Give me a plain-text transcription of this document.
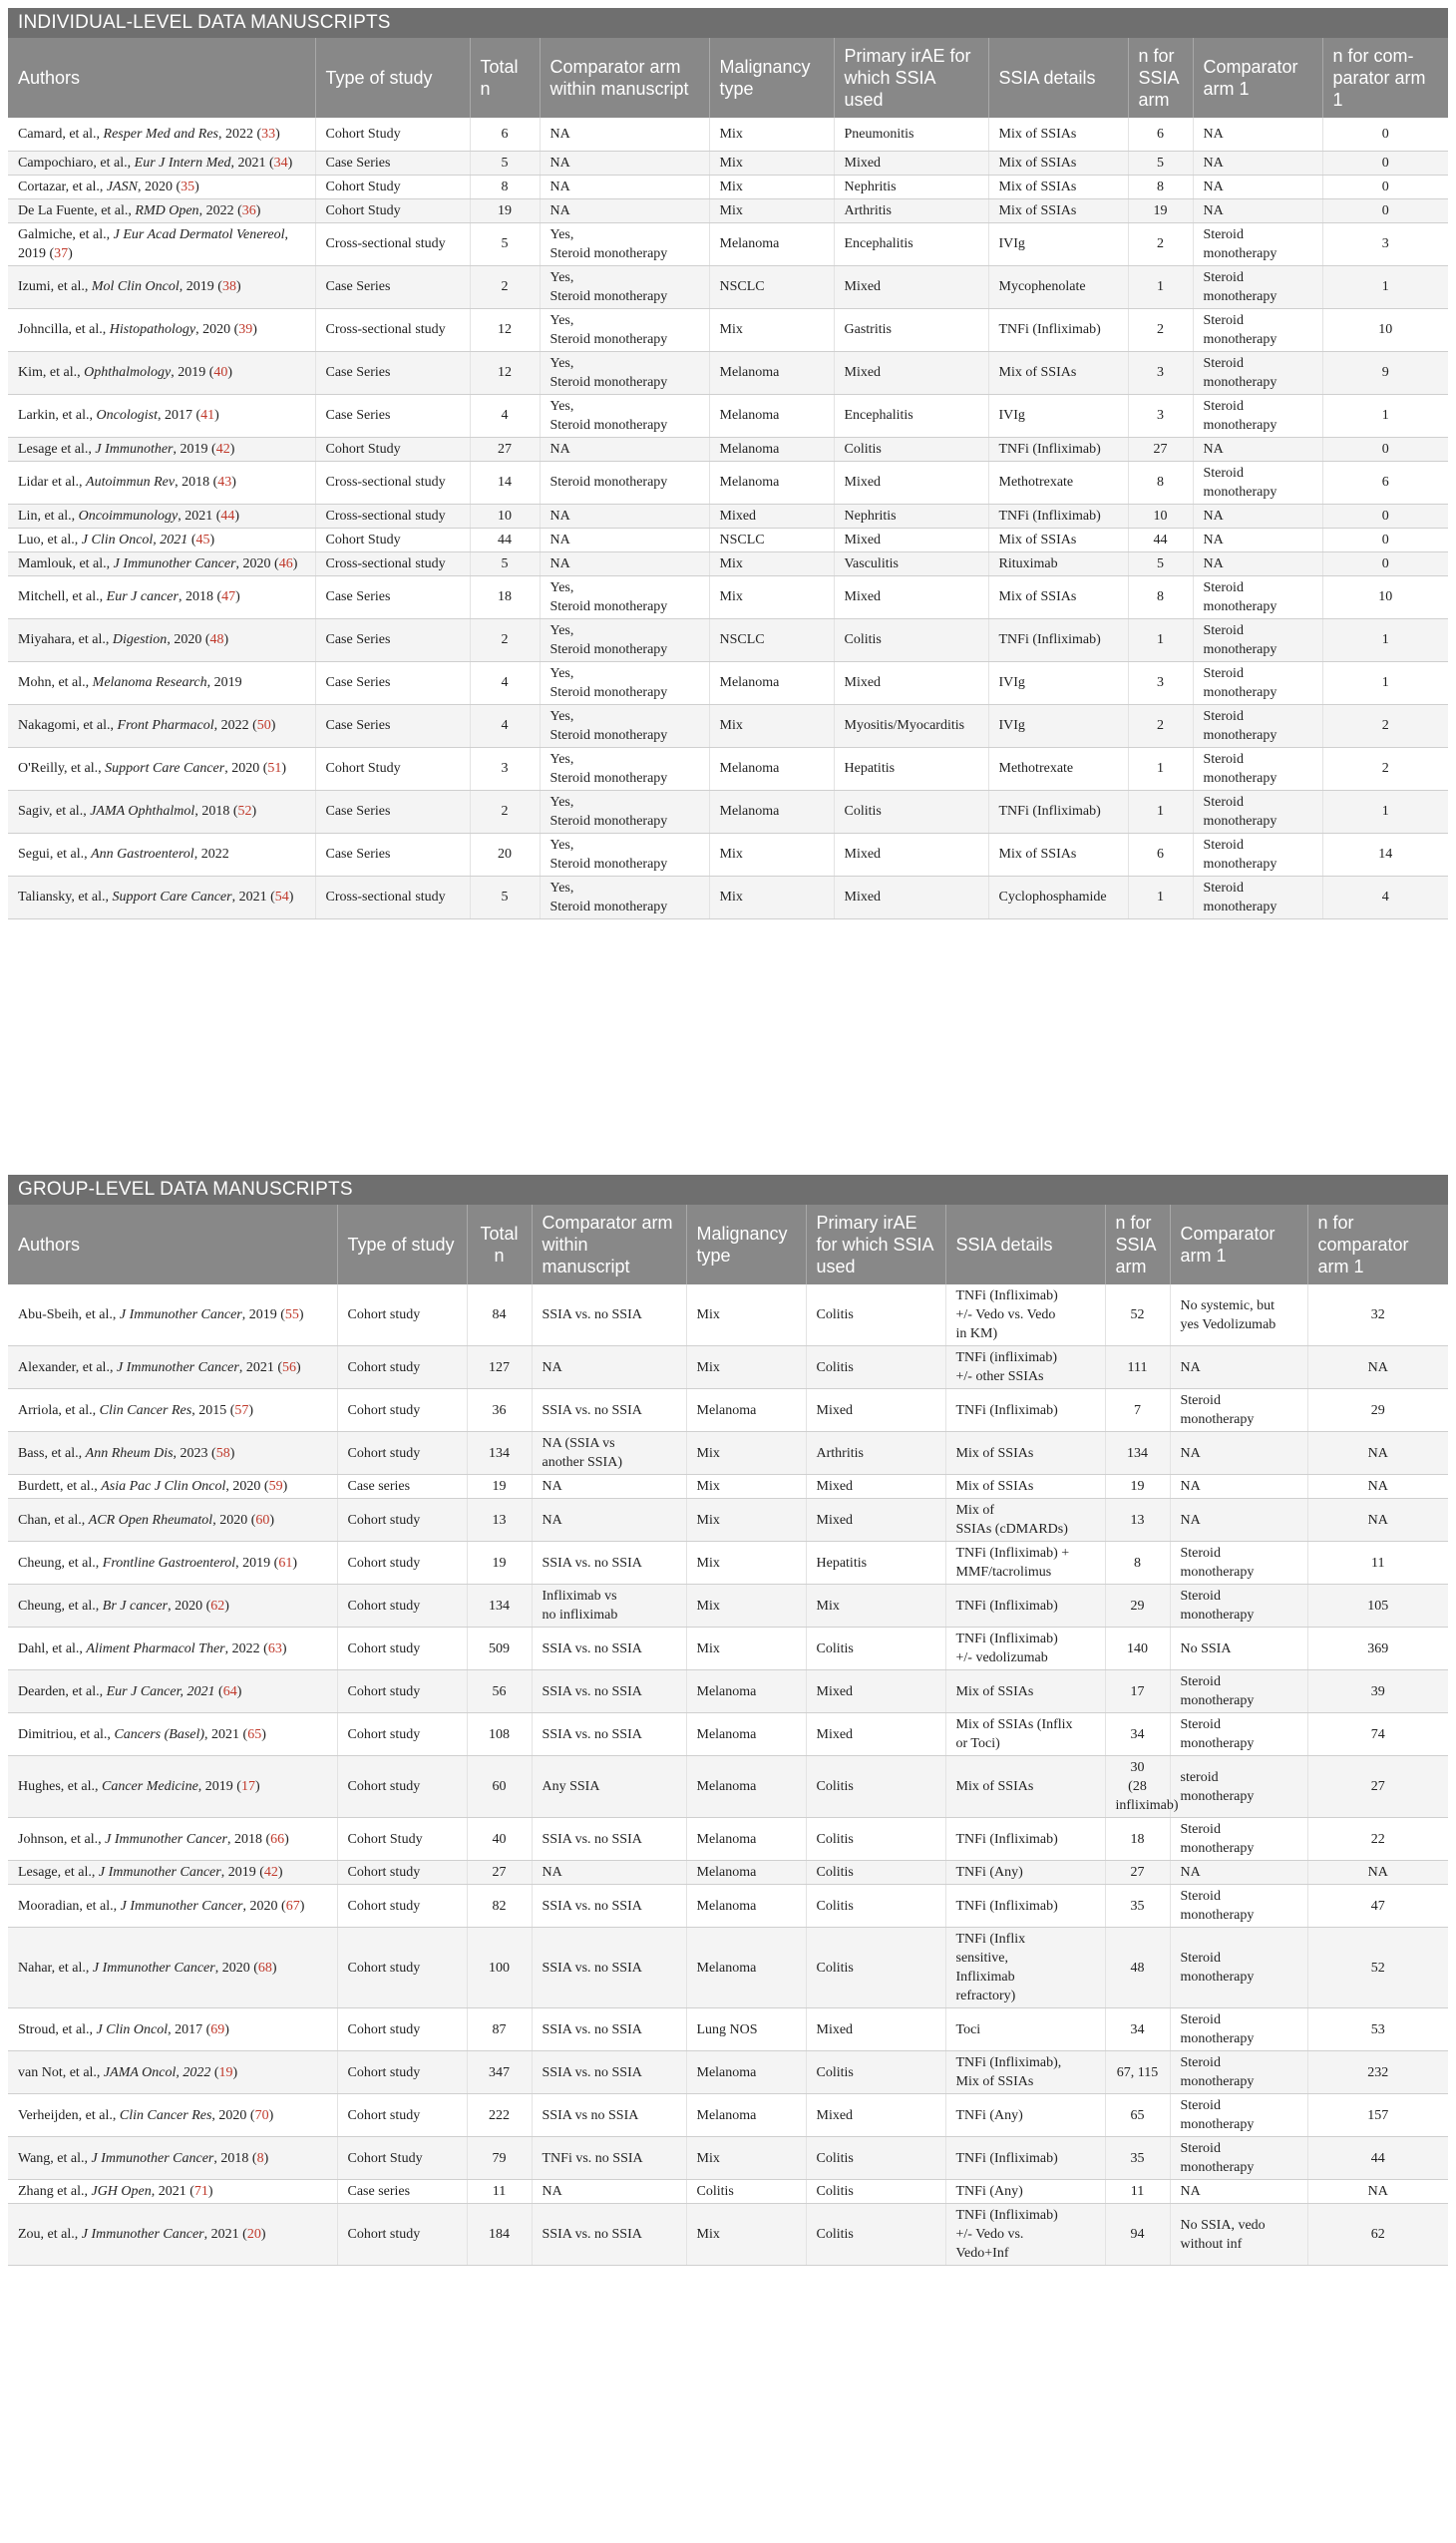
INDIVIDUAL-LEVEL DATA MANUSCRIPTS									
Authors	Type of study	Total n	Comparator arm within manuscript	Malignancy type	Primary irAE for which SSIA used	SSIA details	n for SSIA arm	Comparator arm 1	n for com-parator arm 1
Camard, et al., Resper Med and Res, 2022 (33)	Cohort Study	6	NA	Mix	Pneumonitis	Mix of SSIAs	6	NA	0
Campochiaro, et al., Eur J Intern Med, 2021 (34)	Case Series	5	NA	Mix	Mixed	Mix of SSIAs	5	NA	0
Cortazar, et al., JASN, 2020 (35)	Cohort Study	8	NA	Mix	Nephritis	Mix of SSIAs	8	NA	0
De La Fuente, et al., RMD Open, 2022 (36)	Cohort Study	19	NA	Mix	Arthritis	Mix of SSIAs	19	NA	0
Galmiche, et al., J Eur Acad Dermatol Venereol, 2019 (37)	Cross-sectional study	5	Yes,
Steroid monotherapy	Melanoma	Encephalitis	IVIg	2	Steroid
monotherapy	3
Izumi, et al., Mol Clin Oncol, 2019 (38)	Case Series	2	Yes,
Steroid monotherapy	NSCLC	Mixed	Mycophenolate	1	Steroid
monotherapy	1
Johncilla, et al., Histopathology, 2020 (39)	Cross-sectional study	12	Yes,
Steroid monotherapy	Mix	Gastritis	TNFi (Infliximab)	2	Steroid
monotherapy	10
Kim, et al., Ophthalmology, 2019 (40)	Case Series	12	Yes,
Steroid monotherapy	Melanoma	Mixed	Mix of SSIAs	3	Steroid
monotherapy	9
Larkin, et al., Oncologist, 2017 (41)	Case Series	4	Yes,
Steroid monotherapy	Melanoma	Encephalitis	IVIg	3	Steroid
monotherapy	1
Lesage et al., J Immunother, 2019 (42)	Cohort Study	27	NA	Melanoma	Colitis	TNFi (Infliximab)	27	NA	0
Lidar et al., Autoimmun Rev, 2018 (43)	Cross-sectional study	14	Steroid monotherapy	Melanoma	Mixed	Methotrexate	8	Steroid
monotherapy	6
Lin, et al., Oncoimmunology, 2021 (44)	Cross-sectional study	10	NA	Mixed	Nephritis	TNFi (Infliximab)	10	NA	0
Luo, et al., J Clin Oncol, 2021 (45)	Cohort Study	44	NA	NSCLC	Mixed	Mix of SSIAs	44	NA	0
Mamlouk, et al., J Immunother Cancer, 2020 (46)	Cross-sectional study	5	NA	Mix	Vasculitis	Rituximab	5	NA	0
Mitchell, et al., Eur J cancer, 2018 (47)	Case Series	18	Yes,
Steroid monotherapy	Mix	Mixed	Mix of SSIAs	8	Steroid
monotherapy	10
Miyahara, et al., Digestion, 2020 (48)	Case Series	2	Yes,
Steroid monotherapy	NSCLC	Colitis	TNFi (Infliximab)	1	Steroid
monotherapy	1
Mohn, et al., Melanoma Research, 2019	Case Series	4	Yes,
Steroid monotherapy	Melanoma	Mixed	IVIg	3	Steroid
monotherapy	1
Nakagomi, et al., Front Pharmacol, 2022 (50)	Case Series	4	Yes,
Steroid monotherapy	Mix	Myositis/Myocarditis	IVIg	2	Steroid
monotherapy	2
O'Reilly, et al., Support Care Cancer, 2020 (51)	Cohort Study	3	Yes,
Steroid monotherapy	Melanoma	Hepatitis	Methotrexate	1	Steroid
monotherapy	2
Sagiv, et al., JAMA Ophthalmol, 2018 (52)	Case Series	2	Yes,
Steroid monotherapy	Melanoma	Colitis	TNFi (Infliximab)	1	Steroid
monotherapy	1
Segui, et al., Ann Gastroenterol, 2022	Case Series	20	Yes,
Steroid monotherapy	Mix	Mixed	Mix of SSIAs	6	Steroid
monotherapy	14
Taliansky, et al., Support Care Cancer, 2021 (54)	Cross-sectional study	5	Yes,
Steroid monotherapy	Mix	Mixed	Cyclophosphamide	1	Steroid
monotherapy	4
GROUP-LEVEL DATA MANUSCRIPTS									
Authors	Type of study	Total n	Comparator arm within manuscript	Malignancy type	Primary irAE for which SSIA used	SSIA details	n for SSIA arm	Comparator arm 1	n for comparator arm 1
Abu-Sbeih, et al., J Immunother Cancer, 2019 (55)	Cohort study	84	SSIA vs. no SSIA	Mix	Colitis	TNFi (Infliximab)
+/- Vedo vs. Vedo
in KM)	52	No systemic, but
yes Vedolizumab	32
Alexander, et al., J Immunother Cancer, 2021 (56)	Cohort study	127	NA	Mix	Colitis	TNFi (infliximab)
+/- other SSIAs	111	NA	NA
Arriola, et al., Clin Cancer Res, 2015 (57)	Cohort study	36	SSIA vs. no SSIA	Melanoma	Mixed	TNFi (Infliximab)	7	Steroid
monotherapy	29
Bass, et al., Ann Rheum Dis, 2023 (58)	Cohort study	134	NA (SSIA vs
another SSIA)	Mix	Arthritis	Mix of SSIAs	134	NA	NA
Burdett, et al., Asia Pac J Clin Oncol, 2020 (59)	Case series	19	NA	Mix	Mixed	Mix of SSIAs	19	NA	NA
Chan, et al., ACR Open Rheumatol, 2020 (60)	Cohort study	13	NA	Mix	Mixed	Mix of
SSIAs (cDMARDs)	13	NA	NA
Cheung, et al., Frontline Gastroenterol, 2019 (61)	Cohort study	19	SSIA vs. no SSIA	Mix	Hepatitis	TNFi (Infliximab) +
MMF/tacrolimus	8	Steroid
monotherapy	11
Cheung, et al., Br J cancer, 2020 (62)	Cohort study	134	Infliximab vs
no infliximab	Mix	Mix	TNFi (Infliximab)	29	Steroid
monotherapy	105
Dahl, et al., Aliment Pharmacol Ther, 2022 (63)	Cohort study	509	SSIA vs. no SSIA	Mix	Colitis	TNFi (Infliximab)
+/- vedolizumab	140	No SSIA	369
Dearden, et al., Eur J Cancer, 2021 (64)	Cohort study	56	SSIA vs. no SSIA	Melanoma	Mixed	Mix of SSIAs	17	Steroid
monotherapy	39
Dimitriou, et al., Cancers (Basel), 2021 (65)	Cohort study	108	SSIA vs. no SSIA	Melanoma	Mixed	Mix of SSIAs (Inflix
or Toci)	34	Steroid
monotherapy	74
Hughes, et al., Cancer Medicine, 2019 (17)	Cohort study	60	Any SSIA	Melanoma	Colitis	Mix of SSIAs	30
(28
infliximab)	steroid
monotherapy	27
Johnson, et al., J Immunother Cancer, 2018 (66)	Cohort Study	40	SSIA vs. no SSIA	Melanoma	Colitis	TNFi (Infliximab)	18	Steroid
monotherapy	22
Lesage, et al., J Immunother Cancer, 2019 (42)	Cohort study	27	NA	Melanoma	Colitis	TNFi (Any)	27	NA	NA
Mooradian, et al., J Immunother Cancer, 2020 (67)	Cohort study	82	SSIA vs. no SSIA	Melanoma	Colitis	TNFi (Infliximab)	35	Steroid
monotherapy	47
Nahar, et al., J Immunother Cancer, 2020 (68)	Cohort study	100	SSIA vs. no SSIA	Melanoma	Colitis	TNFi (Inflix
sensitive,
Infliximab
refractory)	48	Steroid
monotherapy	52
Stroud, et al., J Clin Oncol, 2017 (69)	Cohort study	87	SSIA vs. no SSIA	Lung NOS	Mixed	Toci	34	Steroid
monotherapy	53
van Not, et al., JAMA Oncol, 2022 (19)	Cohort study	347	SSIA vs. no SSIA	Melanoma	Colitis	TNFi (Infliximab),
Mix of SSIAs	67, 115	Steroid
monotherapy	232
Verheijden, et al., Clin Cancer Res, 2020 (70)	Cohort study	222	SSIA vs no SSIA	Melanoma	Mixed	TNFi (Any)	65	Steroid
monotherapy	157
Wang, et al., J Immunother Cancer, 2018 (8)	Cohort Study	79	TNFi vs. no SSIA	Mix	Colitis	TNFi (Infliximab)	35	Steroid
monotherapy	44
Zhang et al., JGH Open, 2021 (71)	Case series	11	NA	Colitis	Colitis	TNFi (Any)	11	NA	NA
Zou, et al., J Immunother Cancer, 2021 (20)	Cohort study	184	SSIA vs. no SSIA	Mix	Colitis	TNFi (Infliximab)
+/- Vedo vs.
Vedo+Inf	94	No SSIA, vedo
without inf	62
